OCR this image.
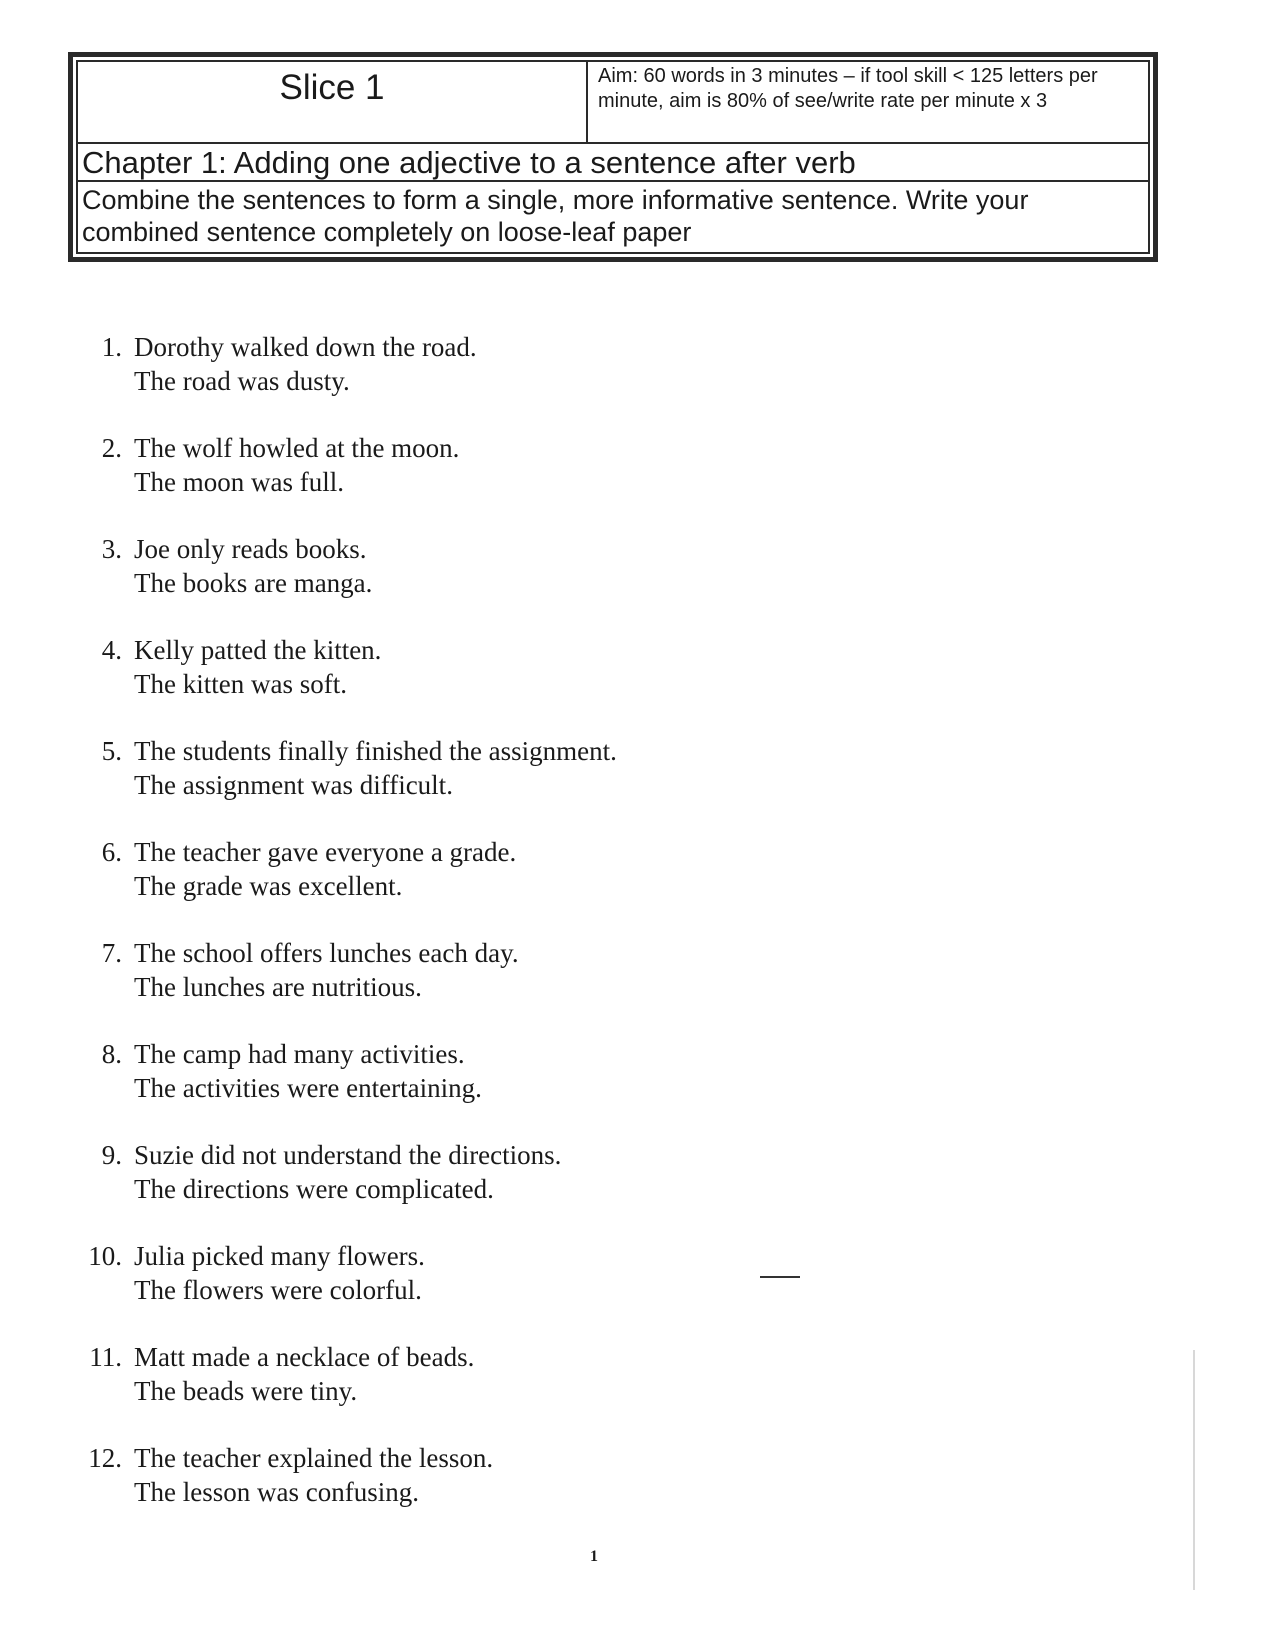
Slice 1	Aim: 60 words in 3 minutes – if tool skill < 125 letters per minute, aim is 80% of see/write rate per minute x 3
Chapter 1: Adding one adjective to a sentence after verb
Combine the sentences to form a single, more informative sentence. Write your combined sentence completely on loose-leaf paper
1. Dorothy walked down the road.
The road was dusty.
2. The wolf howled at the moon.
The moon was full.
3. Joe only reads books.
The books are manga.
4. Kelly patted the kitten.
The kitten was soft.
5. The students finally finished the assignment.
The assignment was difficult.
6. The teacher gave everyone a grade.
The grade was excellent.
7. The school offers lunches each day.
The lunches are nutritious.
8. The camp had many activities.
The activities were entertaining.
9. Suzie did not understand the directions.
The directions were complicated.
10. Julia picked many flowers.
The flowers were colorful.
11. Matt made a necklace of beads.
The beads were tiny.
12. The teacher explained the lesson.
The lesson was confusing.
1
